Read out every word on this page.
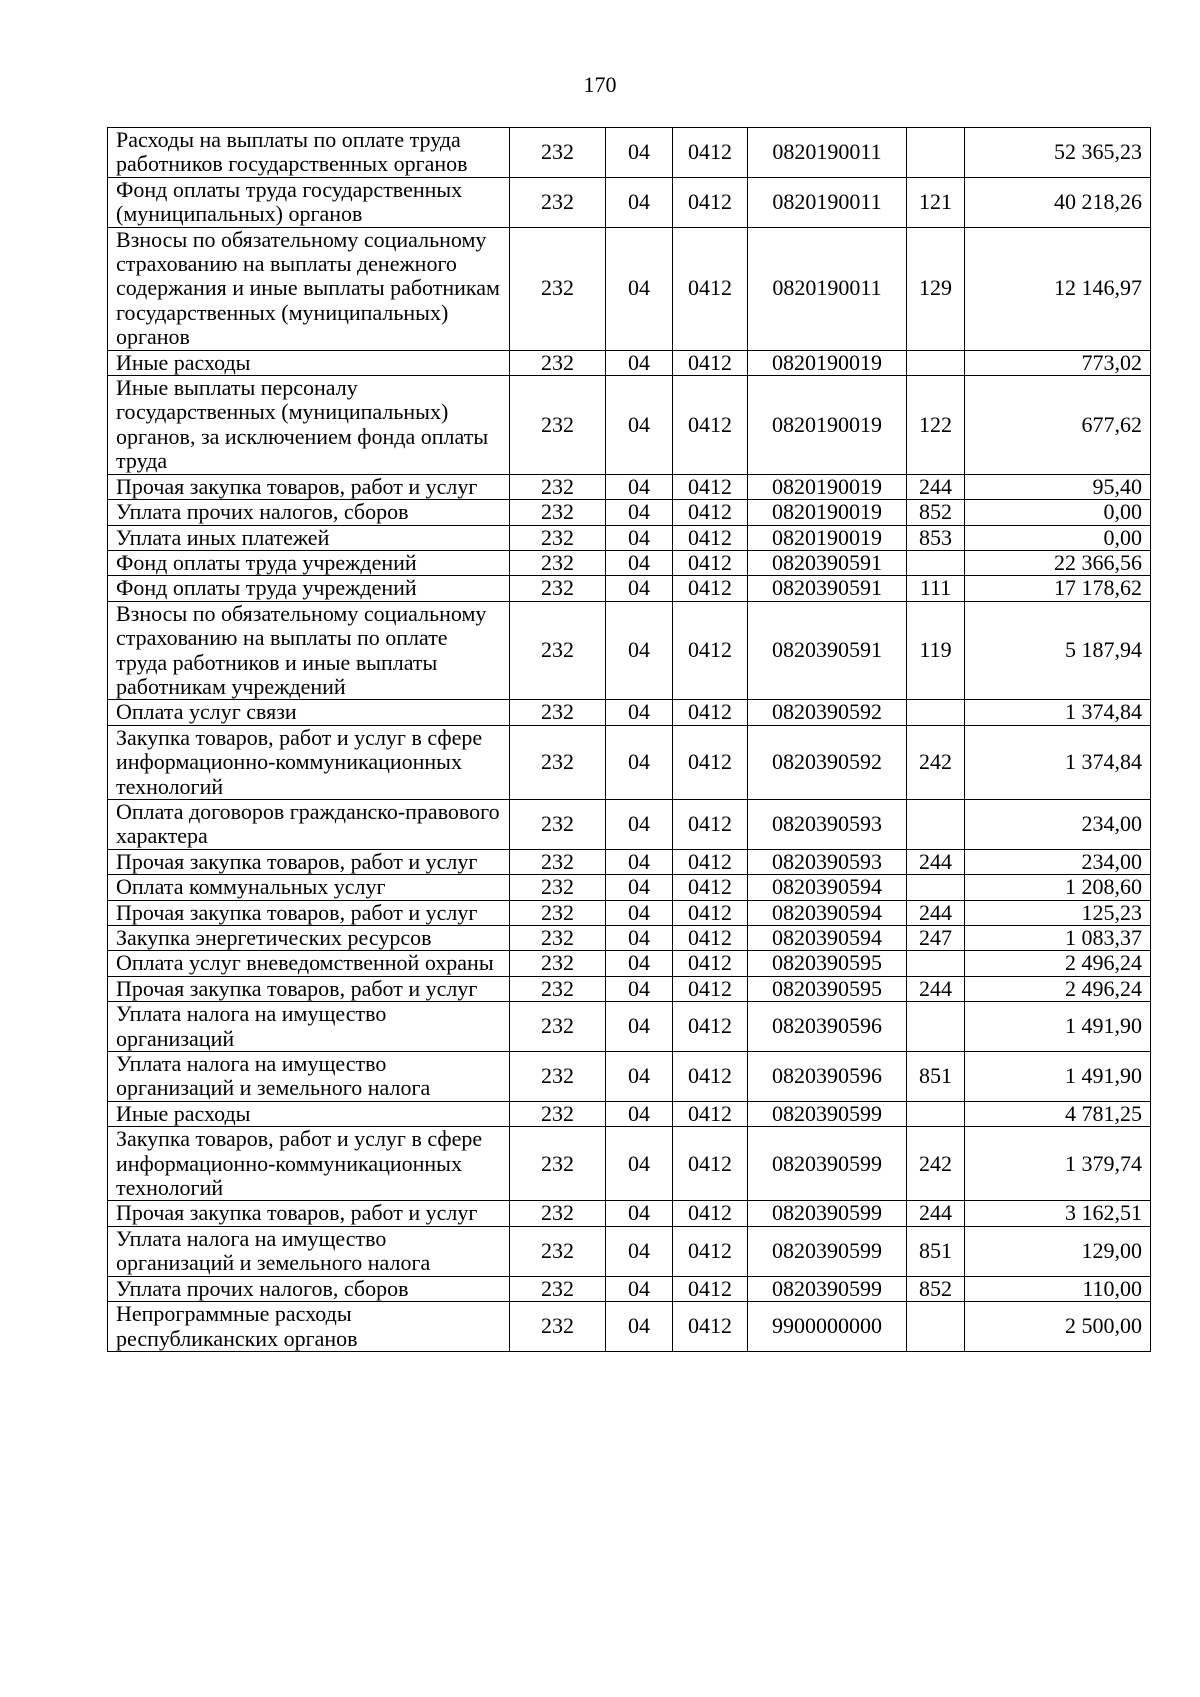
170
Расходы на выплаты по оплате труда работников государственных органов	232	04	0412	0820190011		52 365,23
Фонд оплаты труда государственных (муниципальных) органов	232	04	0412	0820190011	121	40 218,26
Взносы по обязательному социальному страхованию на выплаты денежного содержания и иные выплаты работникам государственных (муниципальных) органов	232	04	0412	0820190011	129	12 146,97
Иные расходы	232	04	0412	0820190019		773,02
Иные выплаты персоналу государственных (муниципальных) органов, за исключением фонда оплаты труда	232	04	0412	0820190019	122	677,62
Прочая закупка товаров, работ и услуг	232	04	0412	0820190019	244	95,40
Уплата прочих налогов, сборов	232	04	0412	0820190019	852	0,00
Уплата иных платежей	232	04	0412	0820190019	853	0,00
Фонд оплаты труда учреждений	232	04	0412	0820390591		22 366,56
Фонд оплаты труда учреждений	232	04	0412	0820390591	111	17 178,62
Взносы по обязательному социальному страхованию на выплаты по оплате труда работников и иные выплаты работникам учреждений	232	04	0412	0820390591	119	5 187,94
Оплата услуг связи	232	04	0412	0820390592		1 374,84
Закупка товаров, работ и услуг в сфере информационно-коммуникационных технологий	232	04	0412	0820390592	242	1 374,84
Оплата договоров гражданско-правового характера	232	04	0412	0820390593		234,00
Прочая закупка товаров, работ и услуг	232	04	0412	0820390593	244	234,00
Оплата коммунальных услуг	232	04	0412	0820390594		1 208,60
Прочая закупка товаров, работ и услуг	232	04	0412	0820390594	244	125,23
Закупка энергетических ресурсов	232	04	0412	0820390594	247	1 083,37
Оплата услуг вневедомственной охраны	232	04	0412	0820390595		2 496,24
Прочая закупка товаров, работ и услуг	232	04	0412	0820390595	244	2 496,24
Уплата налога на имущество организаций	232	04	0412	0820390596		1 491,90
Уплата налога на имущество организаций и земельного налога	232	04	0412	0820390596	851	1 491,90
Иные расходы	232	04	0412	0820390599		4 781,25
Закупка товаров, работ и услуг в сфере информационно-коммуникационных технологий	232	04	0412	0820390599	242	1 379,74
Прочая закупка товаров, работ и услуг	232	04	0412	0820390599	244	3 162,51
Уплата налога на имущество организаций и земельного налога	232	04	0412	0820390599	851	129,00
Уплата прочих налогов, сборов	232	04	0412	0820390599	852	110,00
Непрограммные расходы республиканских органов	232	04	0412	9900000000		2 500,00
